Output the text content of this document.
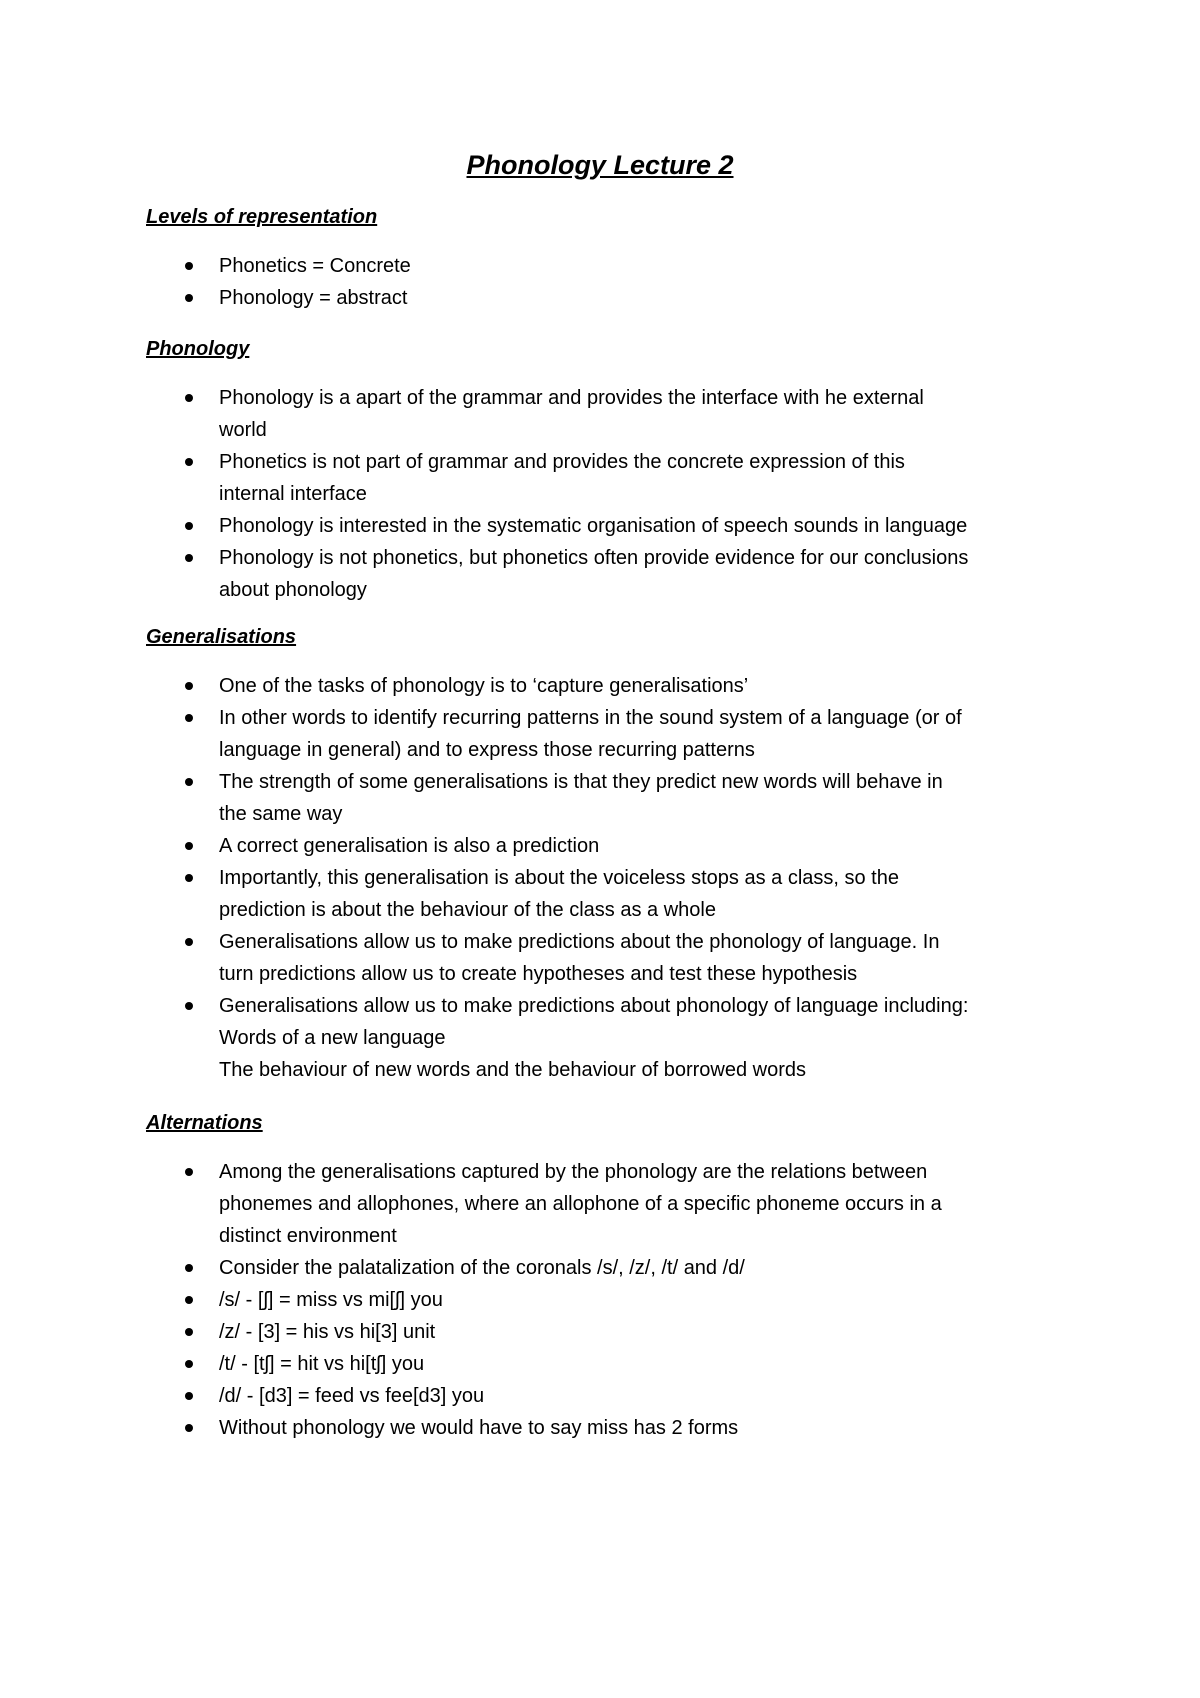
Phonology Lecture 2
Levels of representation
Phonetics = Concrete
Phonology = abstract
Phonology
Phonology is a apart of the grammar and provides the interface with he external
world
Phonetics is not part of grammar and provides the concrete expression of this
internal interface
Phonology is interested in the systematic organisation of speech sounds in language
Phonology is not phonetics, but phonetics often provide evidence for our conclusions
about phonology
Generalisations
One of the tasks of phonology is to ‘capture generalisations’
In other words to identify recurring patterns in the sound system of a language (or of
language in general) and to express those recurring patterns
The strength of some generalisations is that they predict new words will behave in
the same way
A correct generalisation is also a prediction
Importantly, this generalisation is about the voiceless stops as a class, so the
prediction is about the behaviour of the class as a whole
Generalisations allow us to make predictions about the phonology of language. In
turn predictions allow us to create hypotheses and test these hypothesis
Generalisations allow us to make predictions about phonology of language including:
Words of a new language
The behaviour of new words and the behaviour of borrowed words
Alternations
Among the generalisations captured by the phonology are the relations between
phonemes and allophones, where an allophone of a specific phoneme occurs in a
distinct environment
Consider the palatalization of the coronals /s/, /z/, /t/ and /d/
/s/ - [ʃ] = miss vs mi[ʃ] you
/z/ - [3] = his vs hi[3] unit
/t/ - [tʃ] = hit vs hi[tʃ] you
/d/ - [d3] = feed vs fee[d3] you
Without phonology we would have to say miss has 2 forms
